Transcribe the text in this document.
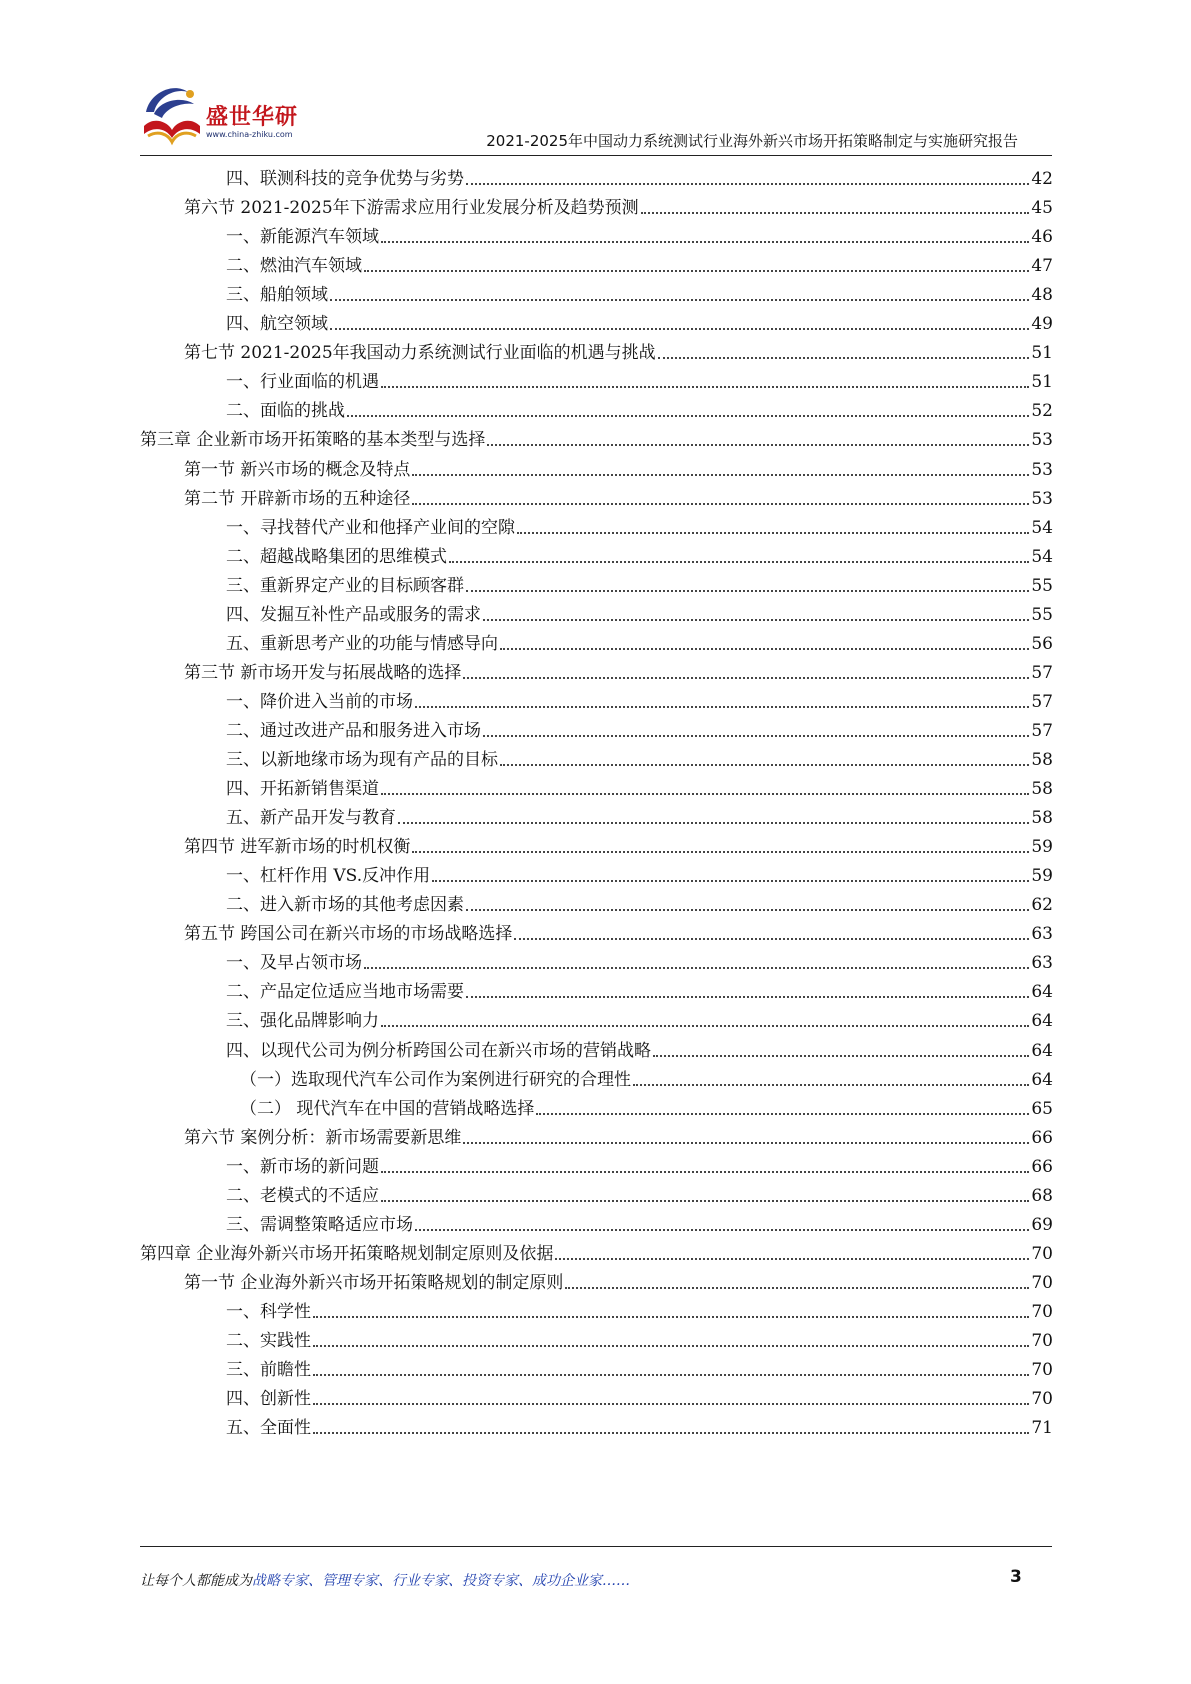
盛世华研
www.china-zhiku.com	2021-2025年中国动力系统测试行业海外新兴市场开拓策略制定与实施研究报告
四、联测科技的竞争优势与劣势	42
第六节 2021-2025年下游需求应用行业发展分析及趋势预测	45
一、新能源汽车领域	46
二、燃油汽车领域	47
三、船舶领域	48
四、航空领域	49
第七节 2021-2025年我国动力系统测试行业面临的机遇与挑战	51
一、行业面临的机遇	51
二、面临的挑战	52
第三章 企业新市场开拓策略的基本类型与选择	53
第一节 新兴市场的概念及特点	53
第二节 开辟新市场的五种途径	53
一、寻找替代产业和他择产业间的空隙	54
二、超越战略集团的思维模式	54
三、重新界定产业的目标顾客群	55
四、发掘互补性产品或服务的需求	55
五、重新思考产业的功能与情感导向	56
第三节 新市场开发与拓展战略的选择	57
一、降价进入当前的市场	57
二、通过改进产品和服务进入市场	57
三、以新地缘市场为现有产品的目标	58
四、开拓新销售渠道	58
五、新产品开发与教育	58
第四节 进军新市场的时机权衡	59
一、杠杆作用 VS.反冲作用	59
二、进入新市场的其他考虑因素	62
第五节 跨国公司在新兴市场的市场战略选择	63
一、及早占领市场	63
二、产品定位适应当地市场需要	64
三、强化品牌影响力	64
四、以现代公司为例分析跨国公司在新兴市场的营销战略	64
（一）选取现代汽车公司作为案例进行研究的合理性	64
（二） 现代汽车在中国的营销战略选择	65
第六节 案例分析：新市场需要新思维	66
一、新市场的新问题	66
二、老模式的不适应	68
三、需调整策略适应市场	69
第四章 企业海外新兴市场开拓策略规划制定原则及依据	70
第一节 企业海外新兴市场开拓策略规划的制定原则	70
一、科学性	70
二、实践性	70
三、前瞻性	70
四、创新性	70
五、全面性	71
让每个人都能成为战略专家、管理专家、行业专家、投资专家、成功企业家……	3
